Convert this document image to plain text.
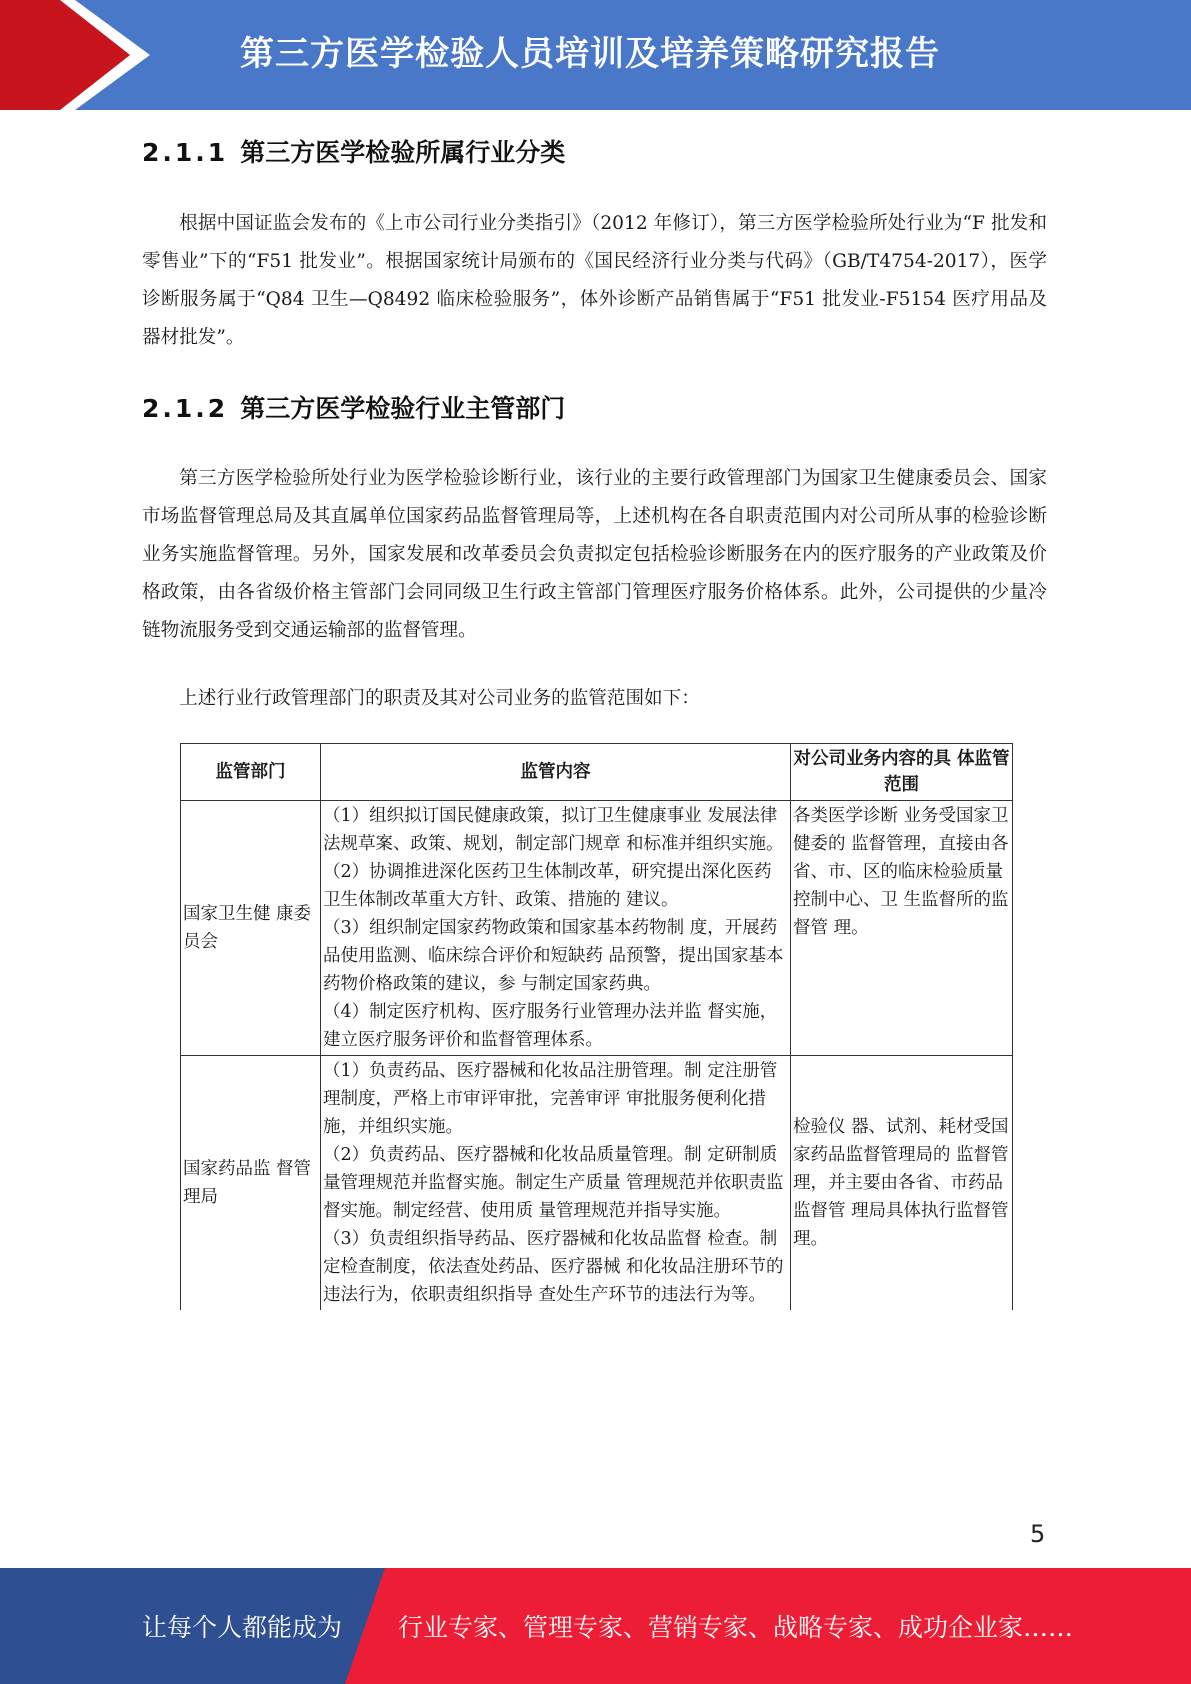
第三方医学检验人员培训及培养策略研究报告
2.1.1 第三方医学检验所属行业分类
根据中国证监会发布的《上市公司行业分类指引》（2012 年修订），第三方医学检验所处行业为“F 批发和零售业”下的“F51 批发业”。根据国家统计局颁布的《国民经济行业分类与代码》（GB/T4754-2017），医学诊断服务属于“Q84 卫生—Q8492 临床检验服务”，体外诊断产品销售属于“F51 批发业-F5154 医疗用品及器材批发”。
2.1.2 第三方医学检验行业主管部门
第三方医学检验所处行业为医学检验诊断行业，该行业的主要行政管理部门为国家卫生健康委员会、国家市场监督管理总局及其直属单位国家药品监督管理局等，上述机构在各自职责范围内对公司所从事的检验诊断业务实施监督管理。另外，国家发展和改革委员会负责拟定包括检验诊断服务在内的医疗服务的产业政策及价格政策，由各省级价格主管部门会同同级卫生行政主管部门管理医疗服务价格体系。此外，公司提供的少量冷链物流服务受到交通运输部的监督管理。
上述行业行政管理部门的职责及其对公司业务的监管范围如下：
监管部门	监管内容	对公司业务内容的具 体监管范围
国家卫生健 康委员会	（1）组织拟订国民健康政策，拟订卫生健康事业 发展法律法规草案、政策、规划，制定部门规章 和标准并组织实施。
（2）协调推进深化医药卫生体制改革，研究提出深化医药卫生体制改革重大方针、政策、措施的 建议。
（3）组织制定国家药物政策和国家基本药物制 度，开展药品使用监测、临床综合评价和短缺药 品预警，提出国家基本药物价格政策的建议，参 与制定国家药典。
（4）制定医疗机构、医疗服务行业管理办法并监 督实施，建立医疗服务评价和监督管理体系。	各类医学诊断 业务受国家卫健委的 监督管理，直接由各 省、市、区的临床检验质量控制中心、卫 生监督所的监督管 理。
国家药品监 督管理局	（1）负责药品、医疗器械和化妆品注册管理。制 定注册管理制度，严格上市审评审批，完善审评 审批服务便利化措施，并组织实施。
（2）负责药品、医疗器械和化妆品质量管理。制 定研制质量管理规范并监督实施。制定生产质量 管理规范并依职责监督实施。制定经营、使用质 量管理规范并指导实施。
（3）负责组织指导药品、医疗器械和化妆品监督 检查。制定检查制度，依法查处药品、医疗器械 和化妆品注册环节的违法行为，依职责组织指导 查处生产环节的违法行为等。	检验仪 器、试剂、耗材受国 家药品监督管理局的 监督管理，并主要由各省、市药品监督管 理局具体执行监督管 理。
5
让每个人都能成为 行业专家、管理专家、营销专家、战略专家、成功企业家……
